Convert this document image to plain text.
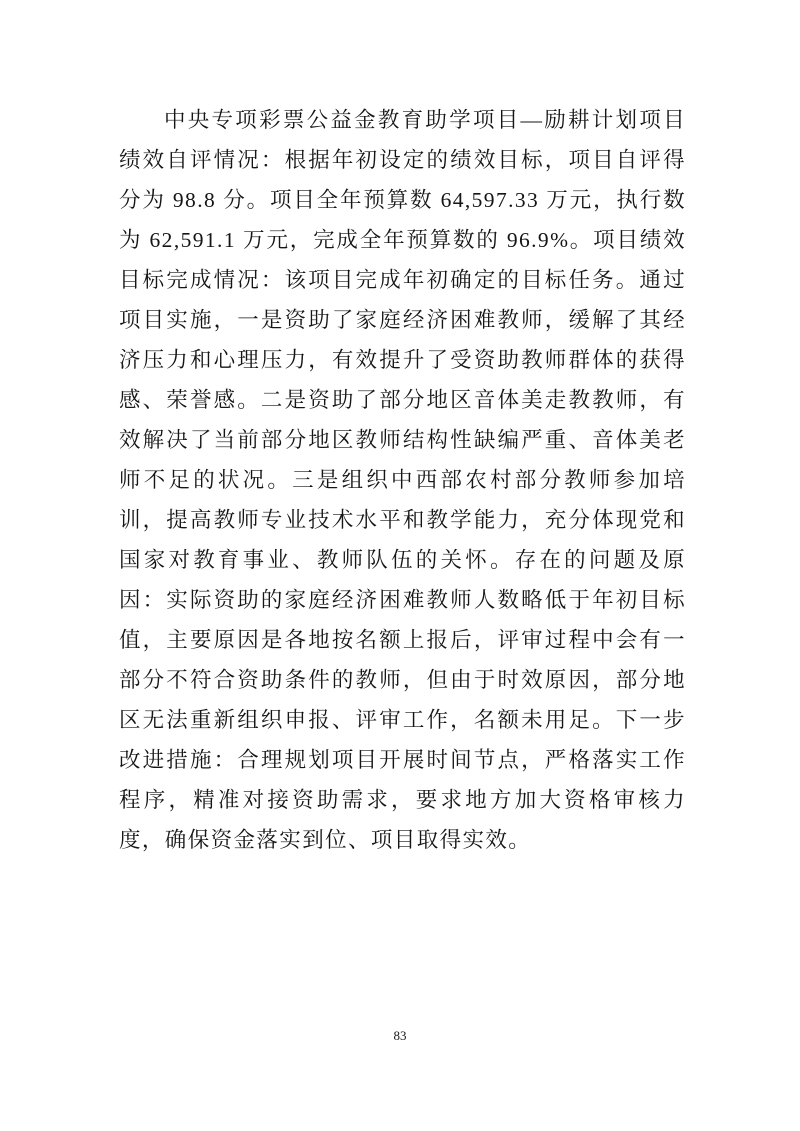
中央专项彩票公益金教育助学项目—励耕计划项目绩效自评情况：根据年初设定的绩效目标，项目自评得分为 98.8 分。项目全年预算数 64,597.33 万元，执行数为 62,591.1 万元，完成全年预算数的 96.9%。项目绩效目标完成情况：该项目完成年初确定的目标任务。通过项目实施，一是资助了家庭经济困难教师，缓解了其经济压力和心理压力，有效提升了受资助教师群体的获得感、荣誉感。二是资助了部分地区音体美走教教师，有效解决了当前部分地区教师结构性缺编严重、音体美老师不足的状况。三是组织中西部农村部分教师参加培训，提高教师专业技术水平和教学能力，充分体现党和国家对教育事业、教师队伍的关怀。存在的问题及原因：实际资助的家庭经济困难教师人数略低于年初目标值，主要原因是各地按名额上报后，评审过程中会有一部分不符合资助条件的教师，但由于时效原因，部分地区无法重新组织申报、评审工作，名额未用足。下一步改进措施：合理规划项目开展时间节点，严格落实工作程序，精准对接资助需求，要求地方加大资格审核力度，确保资金落实到位、项目取得实效。

83
